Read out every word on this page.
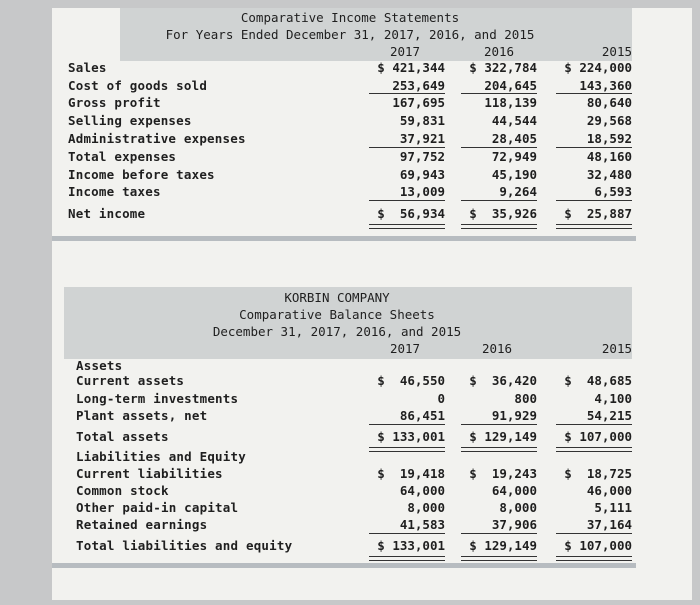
Comparative Income Statements
For Years Ended December 31, 2017, 2016, and 2015
2017	2016	2015
Sales	$ 421,344	$ 322,784	$ 224,000
Cost of goods sold	253,649	204,645	143,360
Gross profit	167,695	118,139	80,640
Selling expenses	59,831	44,544	29,568
Administrative expenses	37,921	28,405	18,592
Total expenses	97,752	72,949	48,160
Income before taxes	69,943	45,190	32,480
Income taxes	13,009	9,264	6,593
Net income	$  56,934	$  35,926	$  25,887
KORBIN COMPANY
Comparative Balance Sheets
December 31, 2017, 2016, and 2015
2017	2016	2015
Assets
Current assets	$  46,550	$  36,420	$  48,685
Long-term investments	0	800	4,100
Plant assets, net	86,451	91,929	54,215
Total assets	$ 133,001	$ 129,149	$ 107,000
Liabilities and Equity
Current liabilities	$  19,418	$  19,243	$  18,725
Common stock	64,000	64,000	46,000
Other paid-in capital	8,000	8,000	5,111
Retained earnings	41,583	37,906	37,164
Total liabilities and equity	$ 133,001	$ 129,149	$ 107,000
